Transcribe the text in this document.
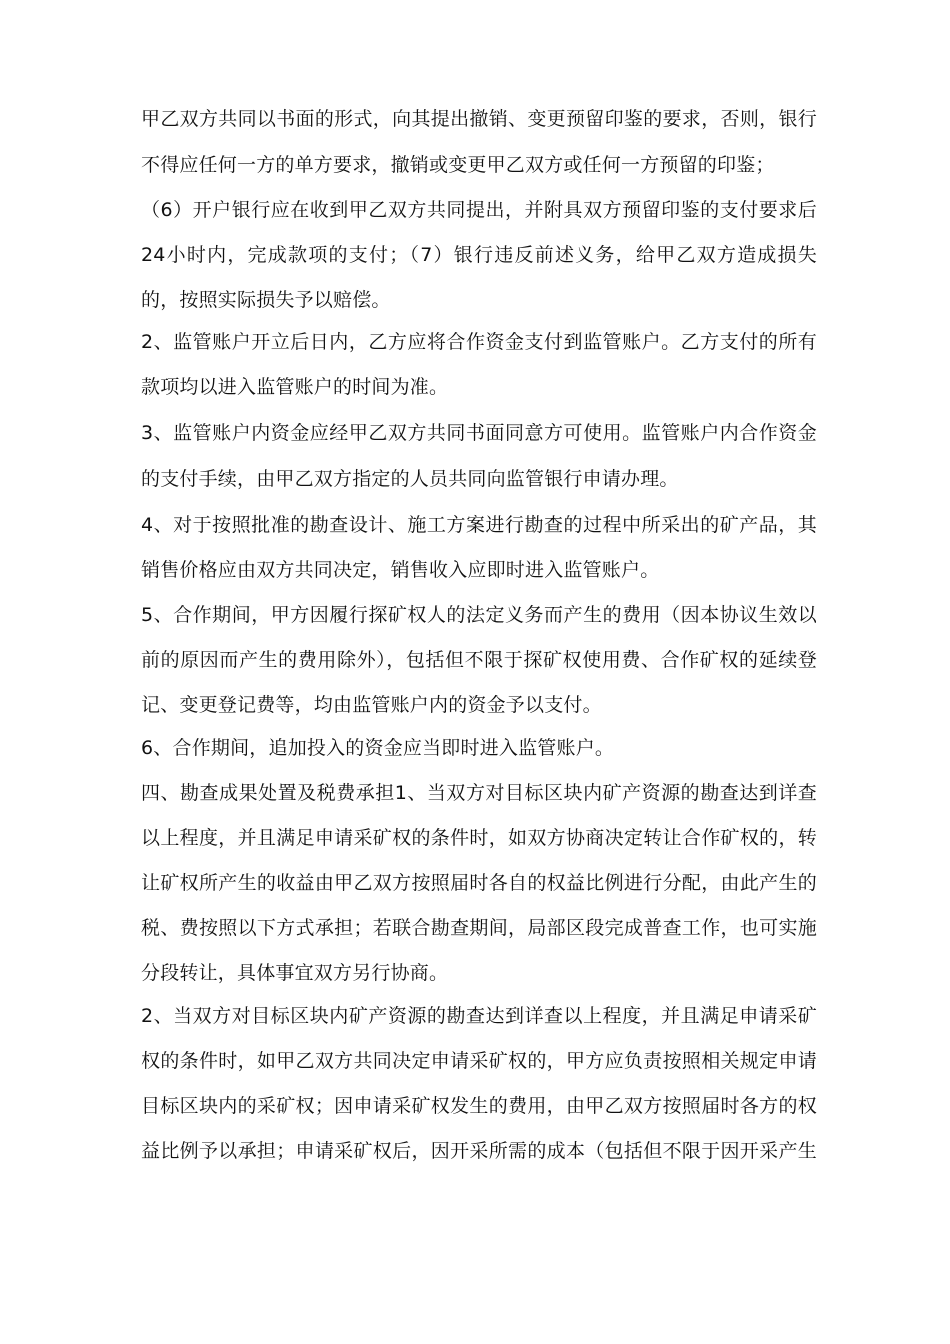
甲乙双方共同以书面的形式，向其提出撤销、变更预留印鉴的要求，否则，银行
不得应任何一方的单方要求，撤销或变更甲乙双方或任何一方预留的印鉴；
（6）开户银行应在收到甲乙双方共同提出，并附具双方预留印鉴的支付要求后
24小时内，完成款项的支付；（7）银行违反前述义务，给甲乙双方造成损失
的，按照实际损失予以赔偿。
2、监管账户开立后日内，乙方应将合作资金支付到监管账户。乙方支付的所有
款项均以进入监管账户的时间为准。
3、监管账户内资金应经甲乙双方共同书面同意方可使用。监管账户内合作资金
的支付手续，由甲乙双方指定的人员共同向监管银行申请办理。
4、对于按照批准的勘查设计、施工方案进行勘查的过程中所采出的矿产品，其
销售价格应由双方共同决定，销售收入应即时进入监管账户。
5、合作期间，甲方因履行探矿权人的法定义务而产生的费用（因本协议生效以
前的原因而产生的费用除外），包括但不限于探矿权使用费、合作矿权的延续登
记、变更登记费等，均由监管账户内的资金予以支付。
6、合作期间，追加投入的资金应当即时进入监管账户。
四、勘查成果处置及税费承担1、当双方对目标区块内矿产资源的勘查达到详查
以上程度，并且满足申请采矿权的条件时，如双方协商决定转让合作矿权的，转
让矿权所产生的收益由甲乙双方按照届时各自的权益比例进行分配，由此产生的
税、费按照以下方式承担；若联合勘查期间，局部区段完成普查工作，也可实施
分段转让，具体事宜双方另行协商。
2、当双方对目标区块内矿产资源的勘查达到详查以上程度，并且满足申请采矿
权的条件时，如甲乙双方共同决定申请采矿权的，甲方应负责按照相关规定申请
目标区块内的采矿权；因申请采矿权发生的费用，由甲乙双方按照届时各方的权
益比例予以承担；申请采矿权后，因开采所需的成本（包括但不限于因开采产生
